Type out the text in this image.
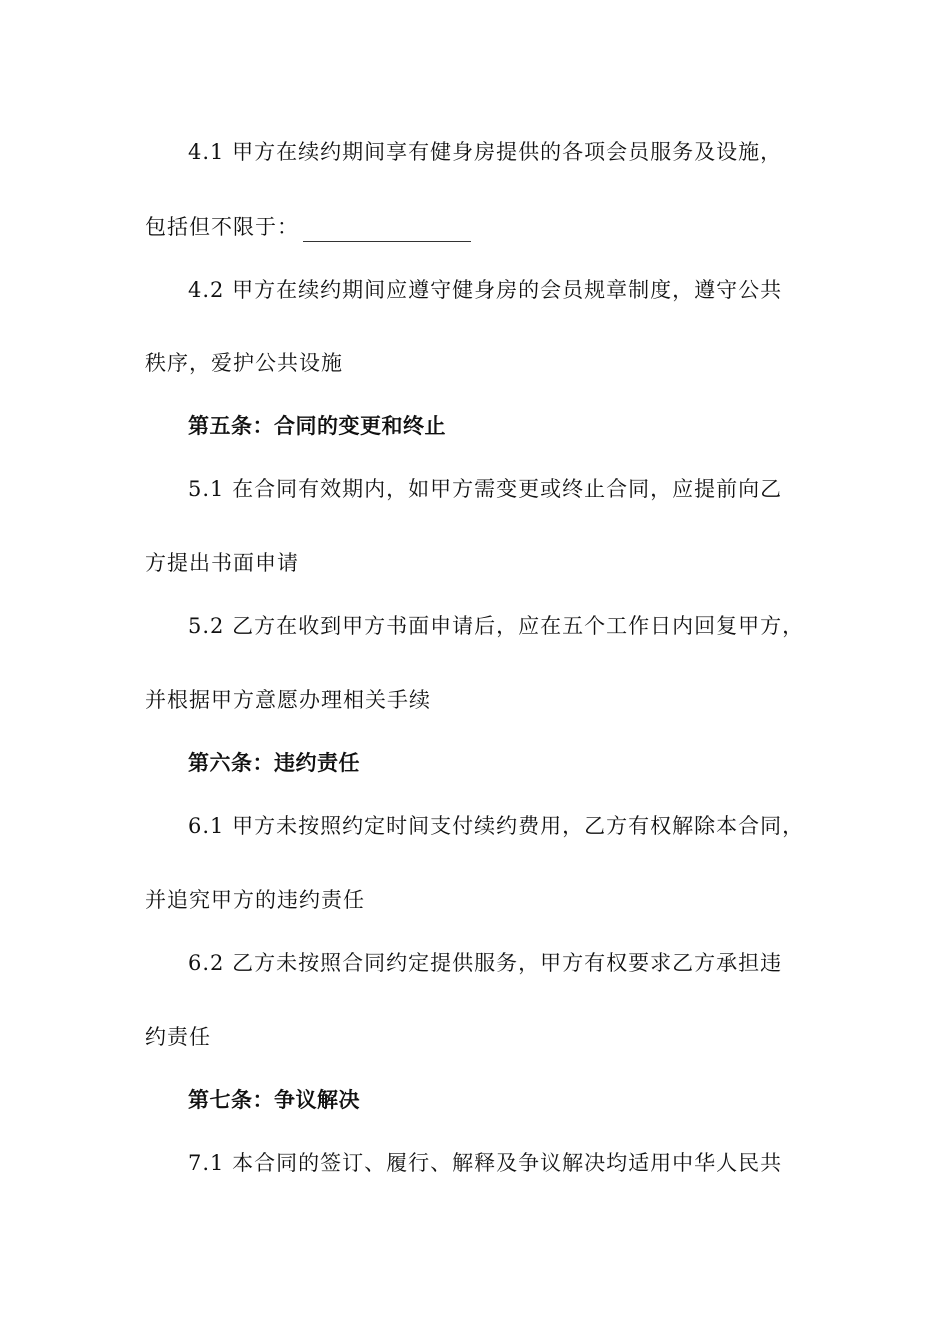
4.1 甲方在续约期间享有健身房提供的各项会员服务及设施，
包括但不限于：
4.2 甲方在续约期间应遵守健身房的会员规章制度，遵守公共
秩序，爱护公共设施
第五条：合同的变更和终止
5.1 在合同有效期内，如甲方需变更或终止合同，应提前向乙
方提出书面申请
5.2 乙方在收到甲方书面申请后，应在五个工作日内回复甲方，
并根据甲方意愿办理相关手续
第六条：违约责任
6.1 甲方未按照约定时间支付续约费用，乙方有权解除本合同，
并追究甲方的违约责任
6.2 乙方未按照合同约定提供服务，甲方有权要求乙方承担违
约责任
第七条：争议解决
7.1 本合同的签订、履行、解释及争议解决均适用中华人民共
